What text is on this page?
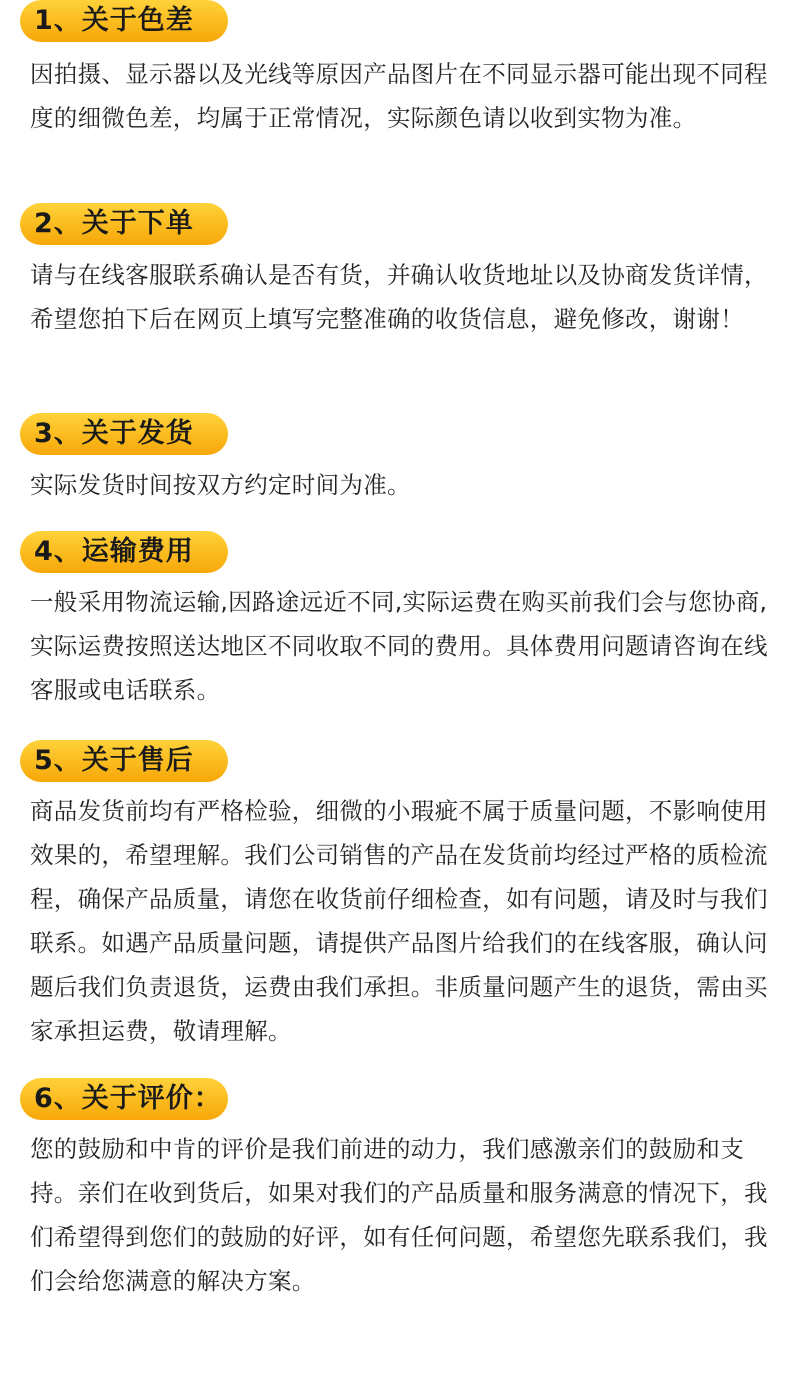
1、关于色差

因拍摄、显示器以及光线等原因产品图片在不同显示器可能出现不同程度的细微色差，均属于正常情况，实际颜色请以收到实物为准。

2、关于下单

请与在线客服联系确认是否有货，并确认收货地址以及协商发货详情，希望您拍下后在网页上填写完整准确的收货信息，避免修改，谢谢！

3、关于发货

实际发货时间按双方约定时间为准。

4、运输费用

一般采用物流运输,因路途远近不同,实际运费在购买前我们会与您协商,实际运费按照送达地区不同收取不同的费用。具体费用问题请咨询在线客服或电话联系。

5、关于售后

商品发货前均有严格检验，细微的小瑕疵不属于质量问题，不影响使用效果的，希望理解。我们公司销售的产品在发货前均经过严格的质检流程，确保产品质量，请您在收货前仔细检查，如有问题，请及时与我们联系。如遇产品质量问题，请提供产品图片给我们的在线客服，确认问题后我们负责退货，运费由我们承担。非质量问题产生的退货，需由买家承担运费，敬请理解。

6、关于评价：

您的鼓励和中肯的评价是我们前进的动力，我们感激亲们的鼓励和支持。亲们在收到货后，如果对我们的产品质量和服务满意的情况下，我们希望得到您们的鼓励的好评，如有任何问题，希望您先联系我们，我们会给您满意的解决方案。
